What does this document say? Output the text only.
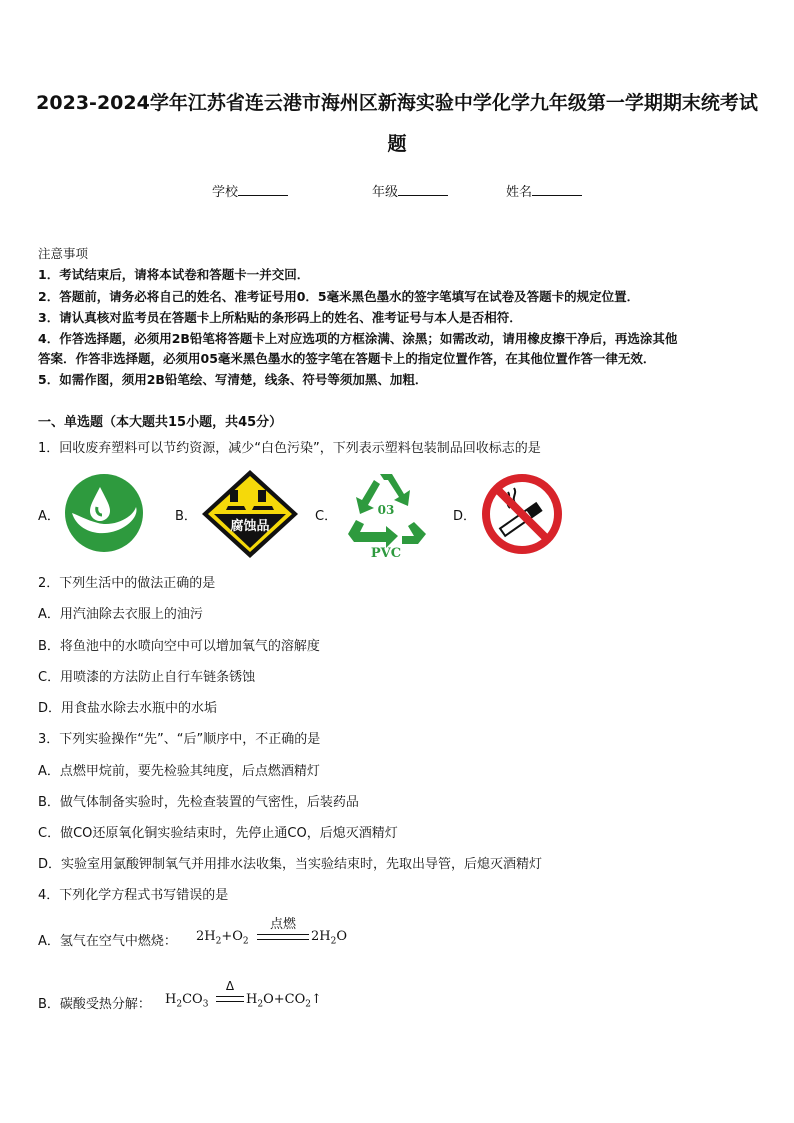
2023-2024学年江苏省连云港市海州区新海实验中学化学九年级第一学期期末统考试
题
学校	年级	姓名
注意事项
1．考试结束后，请将本试卷和答题卡一并交回．
2．答题前，请务必将自己的姓名、准考证号用0．5毫米黑色墨水的签字笔填写在试卷及答题卡的规定位置．
3．请认真核对监考员在答题卡上所粘贴的条形码上的姓名、准考证号与本人是否相符．
4．作答选择题，必须用2B铅笔将答题卡上对应选项的方框涂满、涂黑；如需改动，请用橡皮擦干净后，再选涂其他
答案．作答非选择题，必须用05毫米黑色墨水的签字笔在答题卡上的指定位置作答，在其他位置作答一律无效．
5．如需作图，须用2B铅笔绘、写清楚，线条、符号等须加黑、加粗．
一、单选题（本大题共15小题，共45分）
1．回收废弃塑料可以节约资源，减少“白色污染”，下列表示塑料包装制品回收标志的是
A．	B．
腐蚀品
C．	03
PVC
D．
2．下列生活中的做法正确的是
A．用汽油除去衣服上的油污
B．将鱼池中的水喷向空中可以增加氧气的溶解度
C．用喷漆的方法防止自行车链条锈蚀
D．用食盐水除去水瓶中的水垢
3．下列实验操作“先”、“后”顺序中，不正确的是
A．点燃甲烷前，要先检验其纯度，后点燃酒精灯
B．做气体制备实验时，先检查装置的气密性，后装药品
C．做CO还原氧化铜实验结束时，先停止通CO，后熄灭酒精灯
D．实验室用氯酸钾制氧气并用排水法收集，当实验结束时，先取出导管，后熄灭酒精灯
4．下列化学方程式书写错误的是
A．氢气在空气中燃烧： $2H_2+O_2$
点燃
$2H_2O$
B．碳酸受热分解： $H_2CO_3$
Δ
$H_2O+CO_2↑$
